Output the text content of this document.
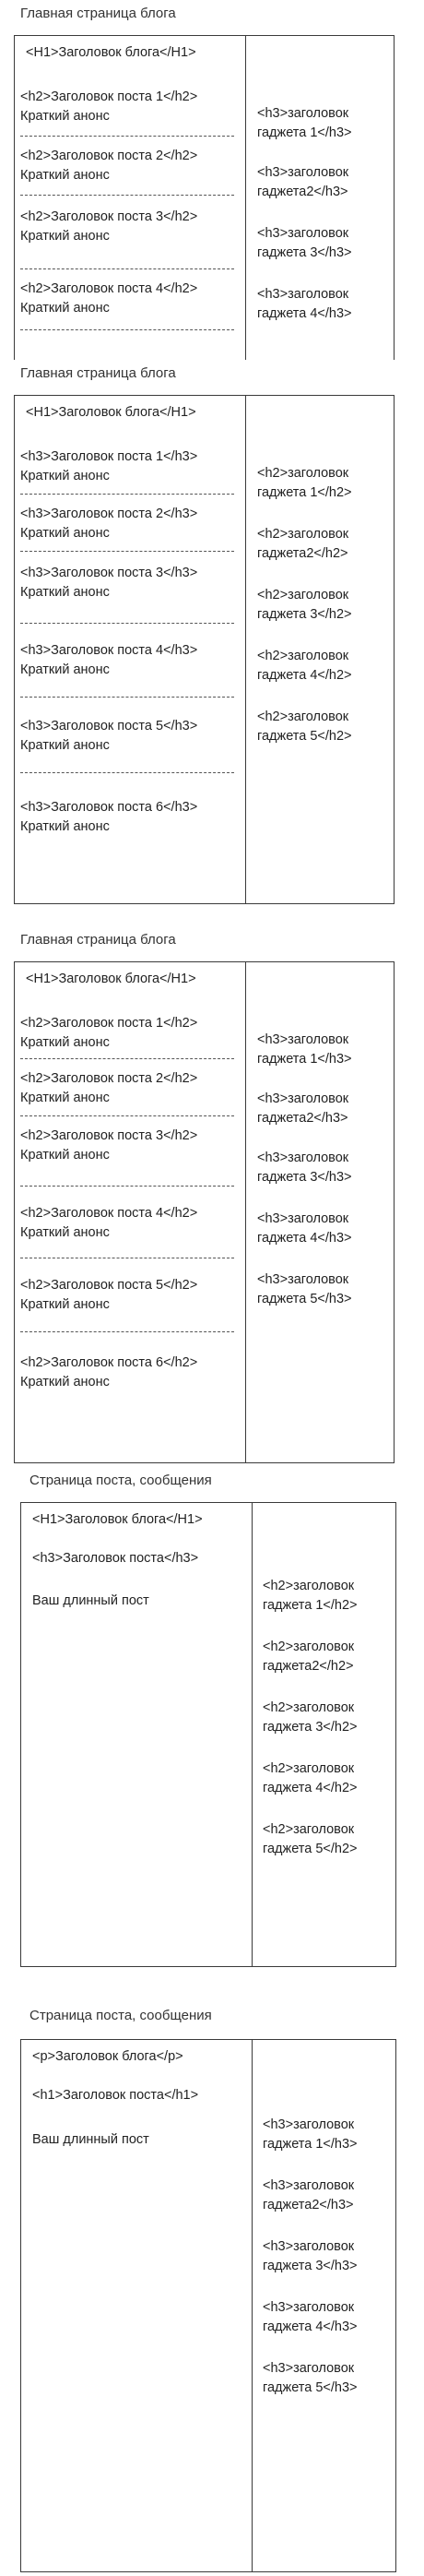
Главная страница блога
<H1>Заголовок блога</H1>
<h2>Заголовок поста 1</h2>
Краткий анонс
<h2>Заголовок поста 2</h2>
Краткий анонс
<h2>Заголовок поста 3</h2>
Краткий анонс
<h2>Заголовок поста 4</h2>
Краткий анонс
<h3>заголовок
гаджета 1</h3>
<h3>заголовок
гаджета2</h3>
<h3>заголовок
гаджета 3</h3>
<h3>заголовок
гаджета 4</h3>
Главная страница блога
<H1>Заголовок блога</H1>
<h3>Заголовок поста 1</h3>
Краткий анонс
<h3>Заголовок поста 2</h3>
Краткий анонс
<h3>Заголовок поста 3</h3>
Краткий анонс
<h3>Заголовок поста 4</h3>
Краткий анонс
<h3>Заголовок поста 5</h3>
Краткий анонс
<h3>Заголовок поста 6</h3>
Краткий анонс
<h2>заголовок
гаджета 1</h2>
<h2>заголовок
гаджета2</h2>
<h2>заголовок
гаджета 3</h2>
<h2>заголовок
гаджета 4</h2>
<h2>заголовок
гаджета 5</h2>
Главная страница блога
<H1>Заголовок блога</H1>
<h2>Заголовок поста 1</h2>
Краткий анонс
<h2>Заголовок поста 2</h2>
Краткий анонс
<h2>Заголовок поста 3</h2>
Краткий анонс
<h2>Заголовок поста 4</h2>
Краткий анонс
<h2>Заголовок поста 5</h2>
Краткий анонс
<h2>Заголовок поста 6</h2>
Краткий анонс
<h3>заголовок
гаджета 1</h3>
<h3>заголовок
гаджета2</h3>
<h3>заголовок
гаджета 3</h3>
<h3>заголовок
гаджета 4</h3>
<h3>заголовок
гаджета 5</h3>
Страница поста, сообщения
<H1>Заголовок блога</H1>
<h3>Заголовок поста</h3>
Ваш длинный пост
<h2>заголовок
гаджета 1</h2>
<h2>заголовок
гаджета2</h2>
<h2>заголовок
гаджета 3</h2>
<h2>заголовок
гаджета 4</h2>
<h2>заголовок
гаджета 5</h2>
Страница поста, сообщения
<p>Заголовок блога</p>
<h1>Заголовок поста</h1>
Ваш длинный пост
<h3>заголовок
гаджета 1</h3>
<h3>заголовок
гаджета2</h3>
<h3>заголовок
гаджета 3</h3>
<h3>заголовок
гаджета 4</h3>
<h3>заголовок
гаджета 5</h3>
